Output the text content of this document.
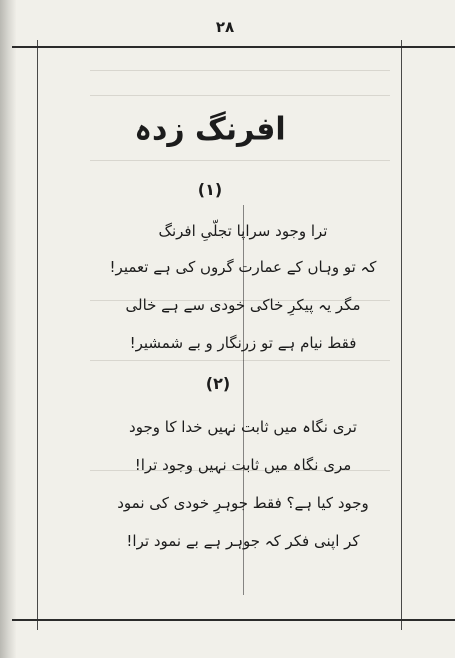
۲۸
افرنگ زدہ
(۱)
ترا وجود سراپا تجلّیِ افرنگ
کہ تو وہاں کے عمارت گروں کی ہے تعمیر!
مگر یہ پیکرِ خاکی خودی سے ہے خالی
فقط نیام ہے تو زرنگار و بے شمشیر!
(۲)
تری نگاہ میں ثابت نہیں خدا کا وجود
مری نگاہ میں ثابت نہیں وجود ترا!
وجود کیا ہے؟ فقط جوہرِ خودی کی نمود
کر اپنی فکر کہ جوہر ہے بے نمود ترا!
